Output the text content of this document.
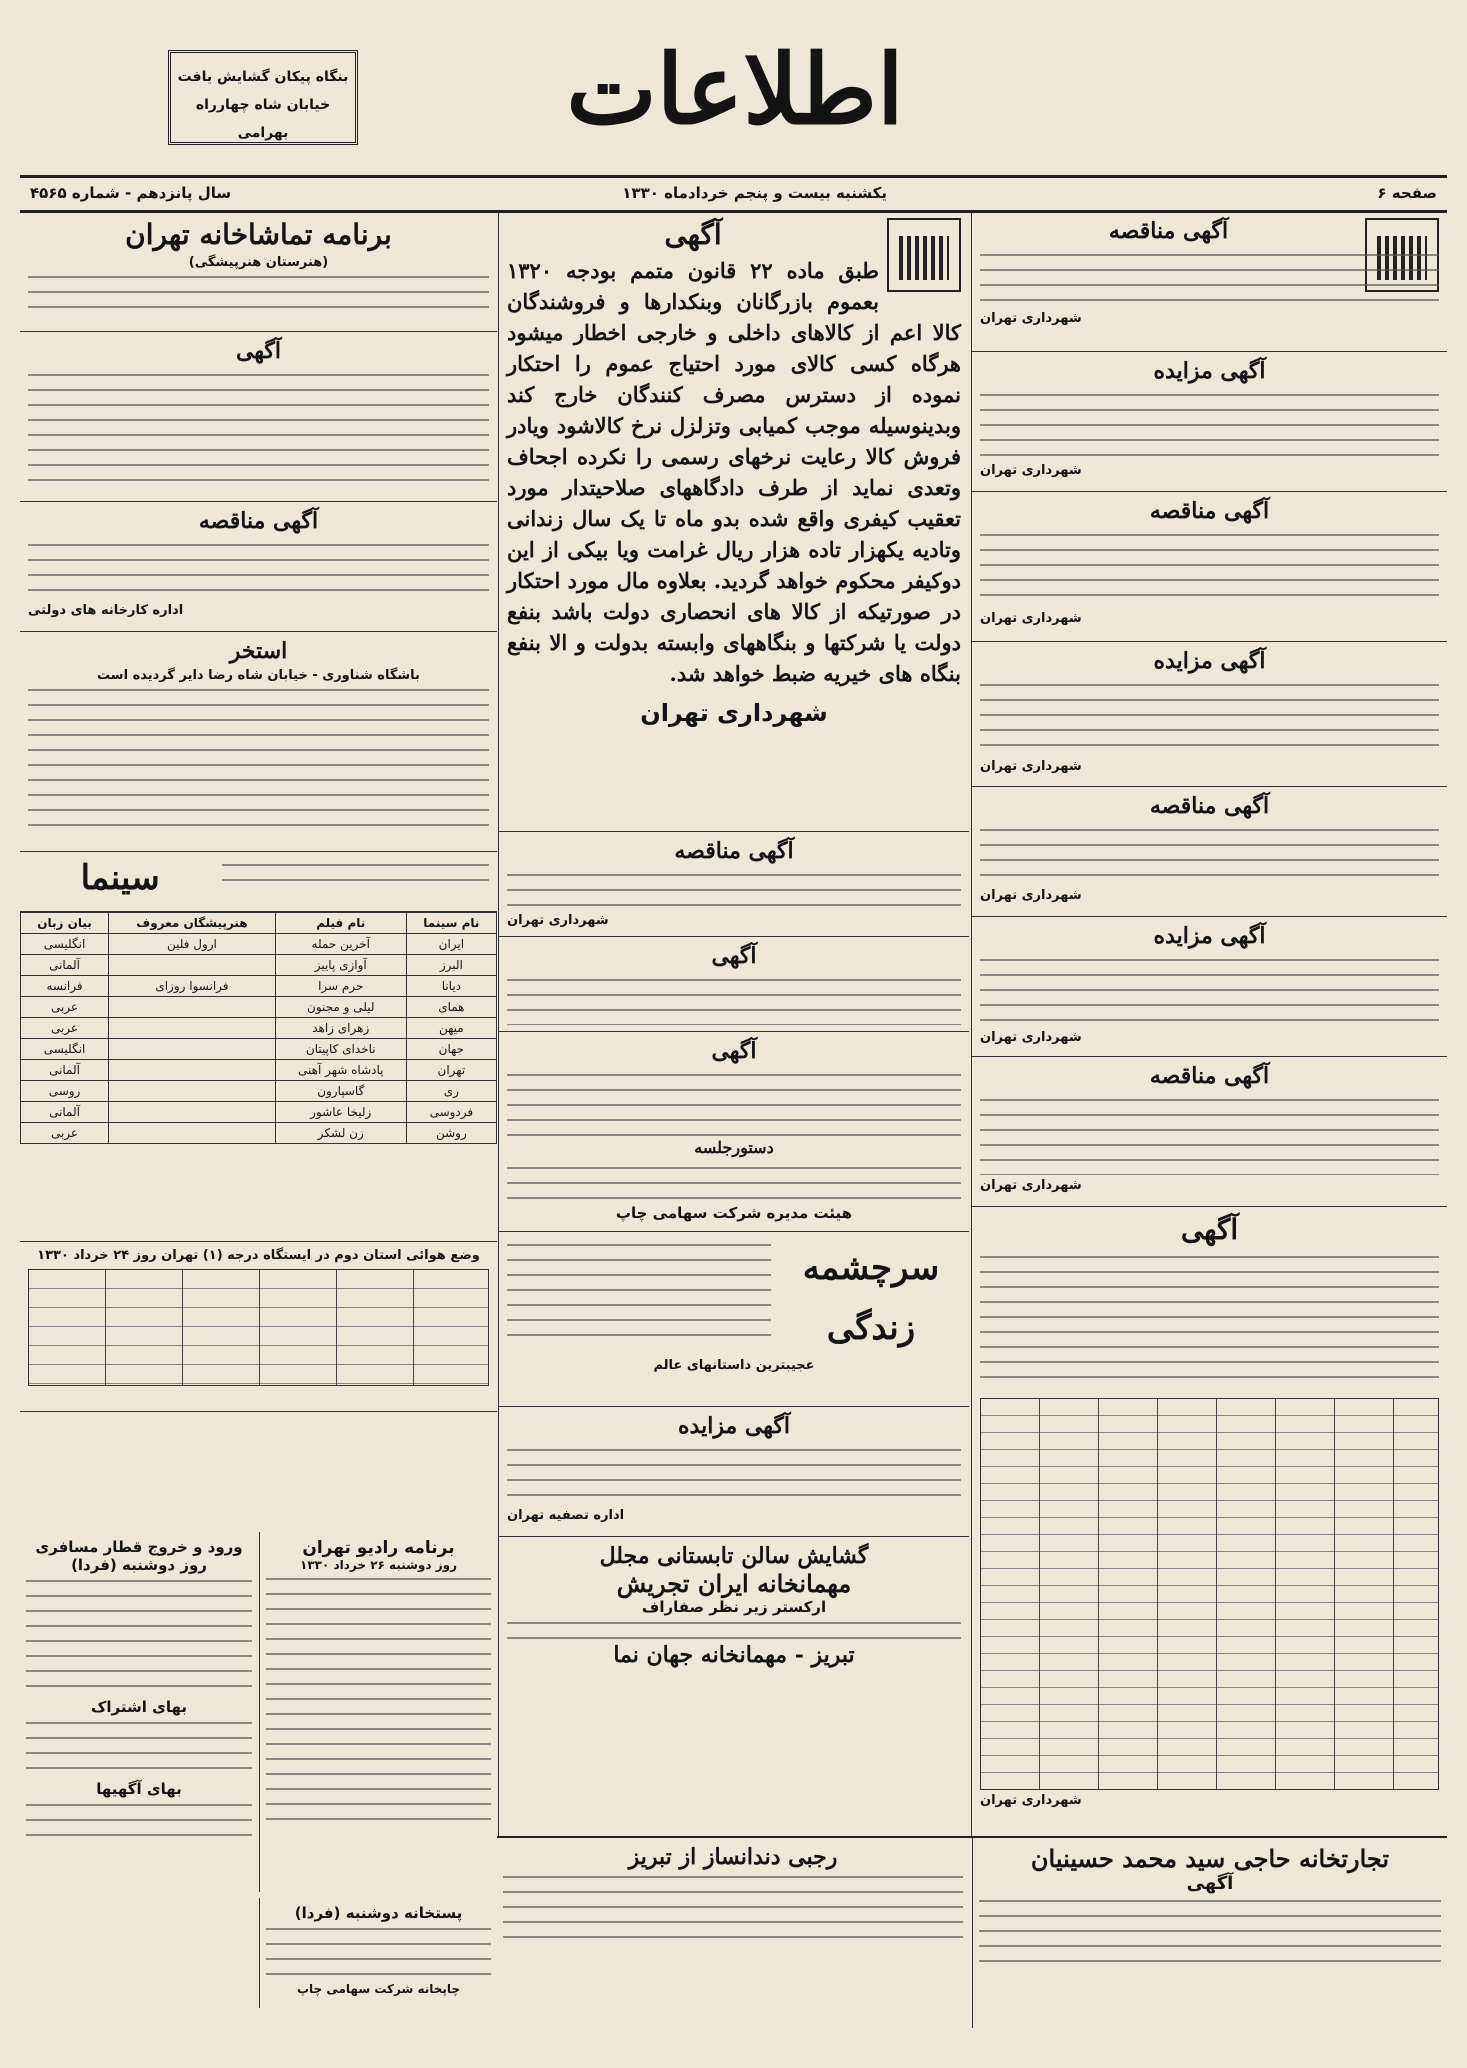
بنگاه پیکان گشایش یافت
خیابان شاه چهارراه بهرامی	اطلاعات
صفحه ۶
یکشنبه بیست و پنجم خردادماه ۱۳۳۰
سال پانزدهم - شماره ۴۵۶۵
آگهی مناقصه
شهرداری تهران
آگهی مزایده
شهرداری تهران
آگهی مناقصه
شهرداری تهران
آگهی مزایده
شهرداری تهران
آگهی مناقصه
شهرداری تهران
آگهی مزایده
شهرداری تهران
آگهی مناقصه
شهرداری تهران
آگهی
شهرداری تهران
آگهی
طبق ماده ۲۲ قانون متمم بودجه ۱۳۲۰ بعموم بازرگانان وبنکدارها و فروشندگان کالا اعم از کالاهای داخلی و خارجی اخطار میشود هرگاه کسی کالای مورد احتیاج عموم را احتکار نموده از دسترس مصرف کنندگان خارج کند وبدینوسیله موجب کمیابی وتزلزل نرخ کالاشود ویادر فروش کالا رعایت نرخهای رسمی را نکرده اجحاف وتعدی نماید از طرف دادگاههای صلاحیتدار مورد تعقیب کیفری واقع شده بدو ماه تا یک سال زندانی وتادیه یکهزار تاده هزار ریال غرامت ویا بیکی از این دوکیفر محکوم خواهد گردید. بعلاوه مال مورد احتکار در صورتیکه از کالا های انحصاری دولت باشد بنفع دولت یا شرکتها و بنگاههای وابسته بدولت و الا بنفع بنگاه های خیریه ضبط خواهد شد.
شهرداری تهران
آگهی مناقصه
شهرداری تهران
آگهی
آگهی
دستورجلسه
هیئت مدیره شرکت سهامی چاپ
سرچشمه زندگی
عجیبترین داستانهای عالم
آگهی مزایده
اداره تصفیه تهران
گشایش سالن تابستانی مجلل
مهمانخانه ایران تجریش
ارکستر زیر نظر صفاراف
تبریز - مهمانخانه جهان نما
برنامه تماشاخانه تهران
(هنرستان هنرپیشگی)
آگهی
آگهی مناقصه
اداره کارخانه های دولتی
استخر
باشگاه شناوری - خیابان شاه رضا دایر گردیده است
سینما
نام سینما	نام فیلم	هنرپیشگان معروف	بیان زبان
ایران	آخرین حمله	ارول فلین	انگلیسی
البرز	آوازی پاییز		آلمانی
دیانا	حرم سرا	فرانسوا روزای	فرانسه
همای	لیلی و مجنون		عربی
میهن	زهرای زاهد		عربی
جهان	ناخدای کاپیتان		انگلیسی
تهران	پادشاه شهر آهنی		آلمانی
ری	گاسپارون		روسی
فردوسی	زلیخا عاشور		آلمانی
روشن	زن لشکر		عربی
وضع هوائی استان دوم در ایستگاه درجه (۱) تهران روز ۲۴ خرداد ۱۳۳۰
برنامه رادیو تهران
روز دوشنبه ۲۶ خرداد ۱۳۳۰
ورود و خروج قطار مسافری روز دوشنبه (فردا)
بهای اشتراک
بهای آگهیها
پستخانه دوشنبه (فردا)
چاپخانه شرکت سهامی چاپ
تجارتخانه حاجی سید محمد حسینیان
آگهی
رجبی دندانساز از تبریز
